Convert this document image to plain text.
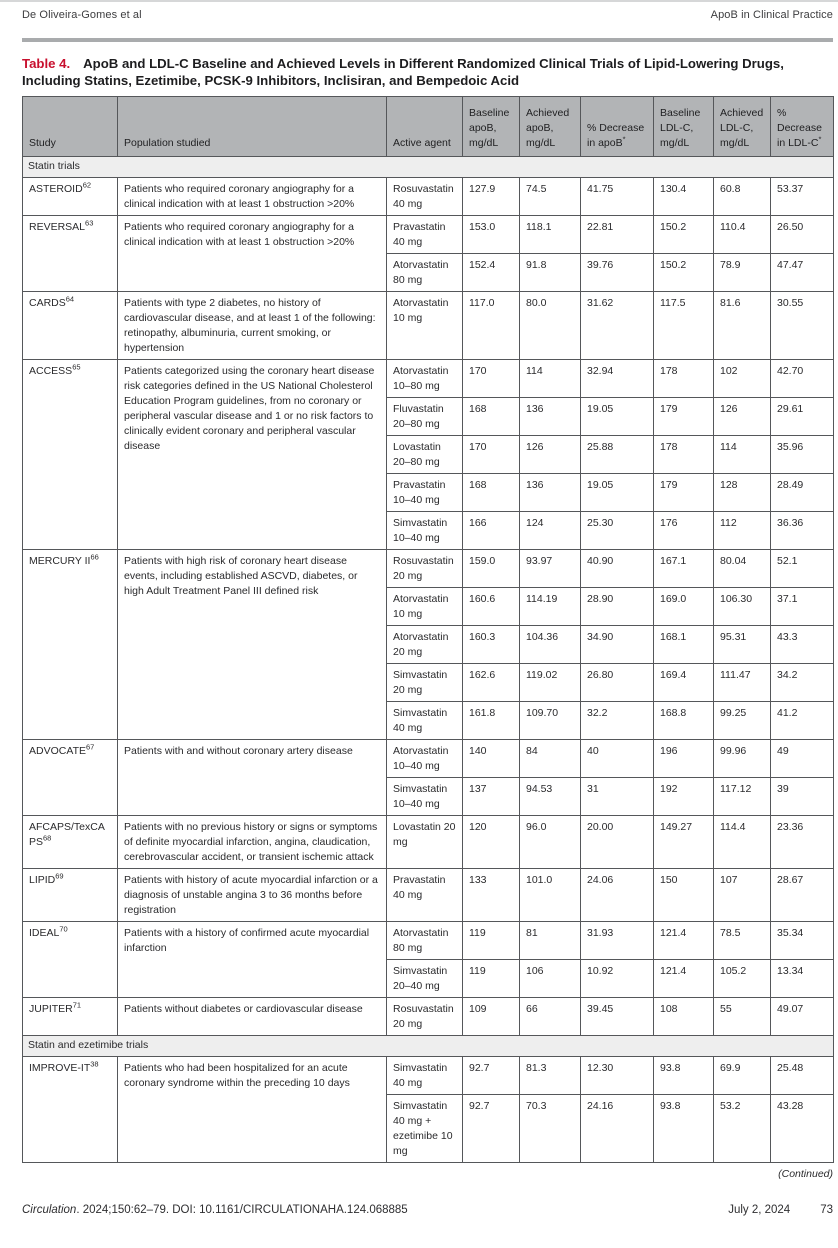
De Oliveira-Gomes et al	ApoB in Clinical Practice

Table 4. ApoB and LDL-C Baseline and Achieved Levels in Different Randomized Clinical Trials of Lipid-Lowering Drugs, Including Statins, Ezetimibe, PCSK-9 Inhibitors, Inclisiran, and Bempedoic Acid

Study	Population studied	Active agent	Baseline apoB, mg/dL	Achieved apoB, mg/dL	% Decrease in apoB*	Baseline LDL-C, mg/dL	Achieved LDL-C, mg/dL	% Decrease in LDL-C*
Statin trials								
ASTEROID$^{62}$	Patients who required coronary angiography for a clinical indication with at least 1 obstruction >20%	Rosuvastatin 40 mg	127.9	74.5	41.75	130.4	60.8	53.37
REVERSAL$^{63}$	Patients who required coronary angiography for a clinical indication with at least 1 obstruction >20%	Pravastatin 40 mg	153.0	118.1	22.81	150.2	110.4	26.50
		Atorvastatin 80 mg	152.4	91.8	39.76	150.2	78.9	47.47
CARDS$^{64}$	Patients with type 2 diabetes, no history of cardiovascular disease, and at least 1 of the following: retinopathy, albuminuria, current smoking, or hypertension	Atorvastatin 10 mg	117.0	80.0	31.62	117.5	81.6	30.55
ACCESS$^{65}$	Patients categorized using the coronary heart disease risk categories defined in the US National Cholesterol Education Program guidelines, from no coronary or peripheral vascular disease and 1 or no risk factors to clinically evident coronary and peripheral vascular disease	Atorvastatin 10–80 mg	170	114	32.94	178	102	42.70
		Fluvastatin 20–80 mg	168	136	19.05	179	126	29.61
		Lovastatin 20–80 mg	170	126	25.88	178	114	35.96
		Pravastatin 10–40 mg	168	136	19.05	179	128	28.49
		Simvastatin 10–40 mg	166	124	25.30	176	112	36.36
MERCURY II$^{66}$	Patients with high risk of coronary heart disease events, including established ASCVD, diabetes, or high Adult Treatment Panel III defined risk	Rosuvastatin 20 mg	159.0	93.97	40.90	167.1	80.04	52.1
		Atorvastatin 10 mg	160.6	114.19	28.90	169.0	106.30	37.1
		Atorvastatin 20 mg	160.3	104.36	34.90	168.1	95.31	43.3
		Simvastatin 20 mg	162.6	119.02	26.80	169.4	111.47	34.2
		Simvastatin 40 mg	161.8	109.70	32.2	168.8	99.25	41.2
ADVOCATE$^{67}$	Patients with and without coronary artery disease	Atorvastatin 10–40 mg	140	84	40	196	99.96	49
		Simvastatin 10–40 mg	137	94.53	31	192	117.12	39
AFCAPS/TexCAPS$^{68}$	Patients with no previous history or signs or symptoms of definite myocardial infarction, angina, claudication, cerebrovascular accident, or transient ischemic attack	Lovastatin 20 mg	120	96.0	20.00	149.27	114.4	23.36
LIPID$^{69}$	Patients with history of acute myocardial infarction or a diagnosis of unstable angina 3 to 36 months before registration	Pravastatin 40 mg	133	101.0	24.06	150	107	28.67
IDEAL$^{70}$	Patients with a history of confirmed acute myocardial infarction	Atorvastatin 80 mg	119	81	31.93	121.4	78.5	35.34
		Simvastatin 20–40 mg	119	106	10.92	121.4	105.2	13.34
JUPITER$^{71}$	Patients without diabetes or cardiovascular disease	Rosuvastatin 20 mg	109	66	39.45	108	55	49.07
Statin and ezetimibe trials								
IMPROVE-IT$^{38}$	Patients who had been hospitalized for an acute coronary syndrome within the preceding 10 days	Simvastatin 40 mg	92.7	81.3	12.30	93.8	69.9	25.48
		Simvastatin 40 mg + ezetimibe 10 mg	92.7	70.3	24.16	93.8	53.2	43.28
(Continued)
Circulation. 2024;150:62–79. DOI: 10.1161/CIRCULATIONAHA.124.068885	July 2, 2024	73
